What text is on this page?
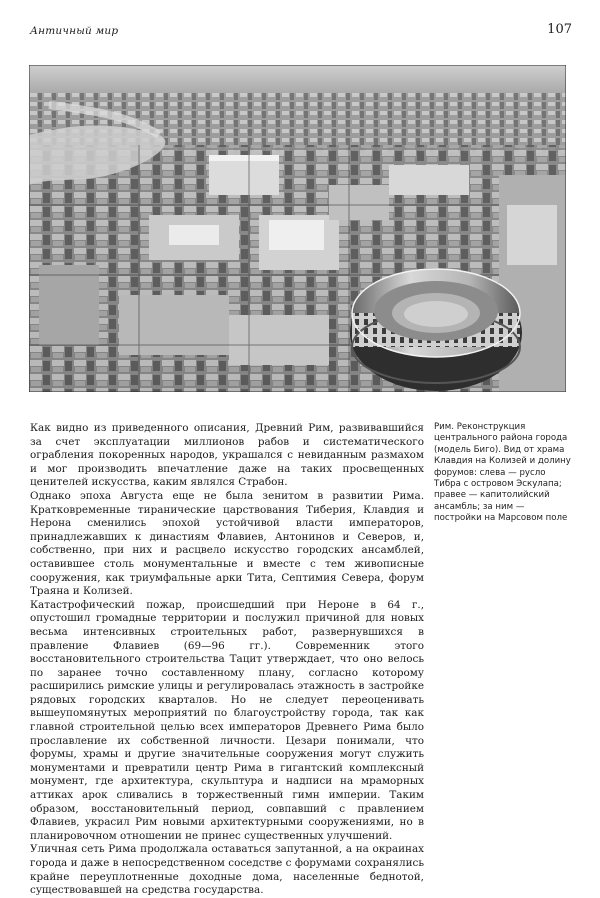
Античный мир	107

Как видно из приведенного описания, Древний Рим, развивавшийся за счет эксплуатации миллионов рабов и систематического ограбления покоренных народов, украшался с невиданным размахом и мог производить впечатление даже на таких просвещенных ценителей искусства, каким являлся Страбон.

Однако эпоха Августа еще не была зенитом в развитии Рима. Кратковременные тиранические царствования Тиберия, Клавдия и Нерона сменились эпохой устойчивой власти императоров, принадлежавших к династиям Флавиев, Антонинов и Северов, и, собственно, при них и расцвело искусство городских ансамблей, оставившее столь монументальные и вместе с тем живописные сооружения, как триумфальные арки Тита, Септимия Севера, форум Траяна и Колизей.

Катастрофический пожар, происшедший при Нероне в 64 г., опустошил громадные территории и послужил причиной для новых весьма интенсивных строительных работ, развернувшихся в правление Флавиев (69—96 гг.). Современник этого восстановительного строительства Тацит утверждает, что оно велось по заранее точно составленному плану, согласно которому расширились римские улицы и регулировалась этажность в застройке рядовых городских кварталов. Но не следует переоценивать вышеупомянутых мероприятий по благоустройству города, так как главной строительной целью всех императоров Древнего Рима было прославление их собственной личности. Цезари понимали, что форумы, храмы и другие значительные сооружения могут служить монументами и превратили центр Рима в гигантский комплексный монумент, где архитектура, скульптура и надписи на мраморных аттиках арок сливались в торжественный гимн империи. Таким образом, восстановительный период, совпавший с правлением Флавиев, украсил Рим новыми архитектурными сооружениями, но в планировочном отношении не принес существенных улучшений.

Уличная сеть Рима продолжала оставаться запутанной, а на окраинах города и даже в непосредственном соседстве с форумами сохранялись крайне переуплотненные доходные дома, населенные беднотой, существовавшей на средства государства.

Рим. Реконструкция центрального района города (модель Биго). Вид от храма Клавдия на Колизей и долину форумов: слева — русло Тибра с островом Эскулапа; правее — капитолийский ансамбль; за ним — постройки на Марсовом поле
